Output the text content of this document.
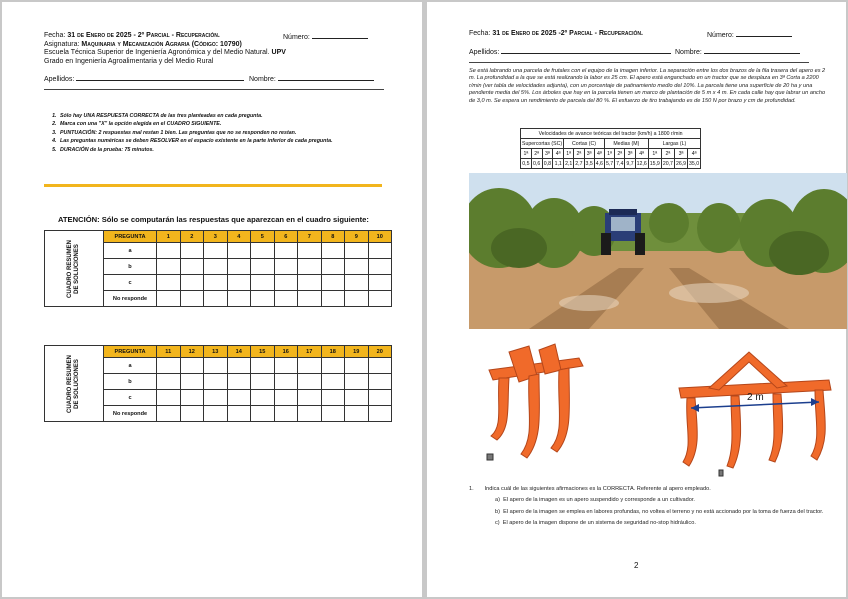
Fecha: 31 de Enero de 2025 - 2º Parcial - Recuperación.	Número:
Asignatura: Maquinaria y Mecanización Agraria (Código: 10790)
Escuela Técnica Superior de Ingeniería Agronómica y del Medio Natural. UPV
Grado en Ingeniería Agroalimentaria y del Medio Rural
Apellidos:	Nombre:
1. Sólo hay UNA RESPUESTA CORRECTA de las tres planteadas en cada pregunta.
2. Marca con una "X" la opción elegida en el CUADRO SIGUIENTE.
3. PUNTUACIÓN: 2 respuestas mal restan 1 bien. Las preguntas que no se responden no restan.
4. Las preguntas numéricas se deben RESOLVER en el espacio existente en la parte inferior de cada pregunta.
5. DURACIÓN de la prueba: 75 minutos.
ATENCIÓN: Sólo se computarán las respuestas que aparezcan en el cuadro siguiente:
CUADRO RESUMEN
DE SOLUCIONES	PREGUNTA	1	2	3	4	5	6	7	8	9	10
	a										
	b										
	c										
	No responde										
CUADRO RESUMEN
DE SOLUCIONES	PREGUNTA	11	12	13	14	15	16	17	18	19	20
	a										
	b										
	c										
	No responde										
Fecha: 31 de Enero de 2025 -2º Parcial - Recuperación.	Número:
Apellidos:	Nombre:
Se está labrando una parcela de frutales con el equipo de la imagen inferior. La separación entre los dos brazos de la fila trasera del apero es 2 m. La profundidad a la que se está realizando la labor es 25 cm. El apero está enganchado en un tractor que se desplaza en 3ª Corta a 2200 r/min (ver tabla de velocidades adjunta), con un porcentaje de patinamiento medio del 10%. La parcela tiene una superficie de 20 ha y una pendiente media del 5%. Los árboles que hay en la parcela tienen un marco de plantación de 5 m x 4 m. En cada calle hay que labrar un ancho de 3,0 m. Se espera un rendimiento de parcela del 80 %. El esfuerzo de tiro trabajando es de 150 N por brazo y cm de profundidad.
Velocidades de avance teóricas del tractor (km/h) a 1800 r/min															
Supercortas (SC)				Cortas (C)				Medias (M)				Largas (L)			
1ª	2ª	3ª	4ª	1ª	2ª	3ª	4ª	1ª	2ª	3ª	4ª	1ª	2ª	3ª	4ª
0,5	0,6	0,8	1,1	2,1	2,7	3,5	4,6	5,7	7,4	9,7	12,6	15,9	20,7	26,9	35,0
2 m
1. Indica cuál de las siguientes afirmaciones es la CORRECTA. Referente al apero empleado.
a) El apero de la imagen es un apero suspendido y corresponde a un cultivador.
b) El apero de la imagen se emplea en labores profundas, no voltea el terreno y no está accionado por la toma de fuerza del tractor.
c) El apero de la imagen dispone de un sistema de seguridad no-stop hidráulico.
2
